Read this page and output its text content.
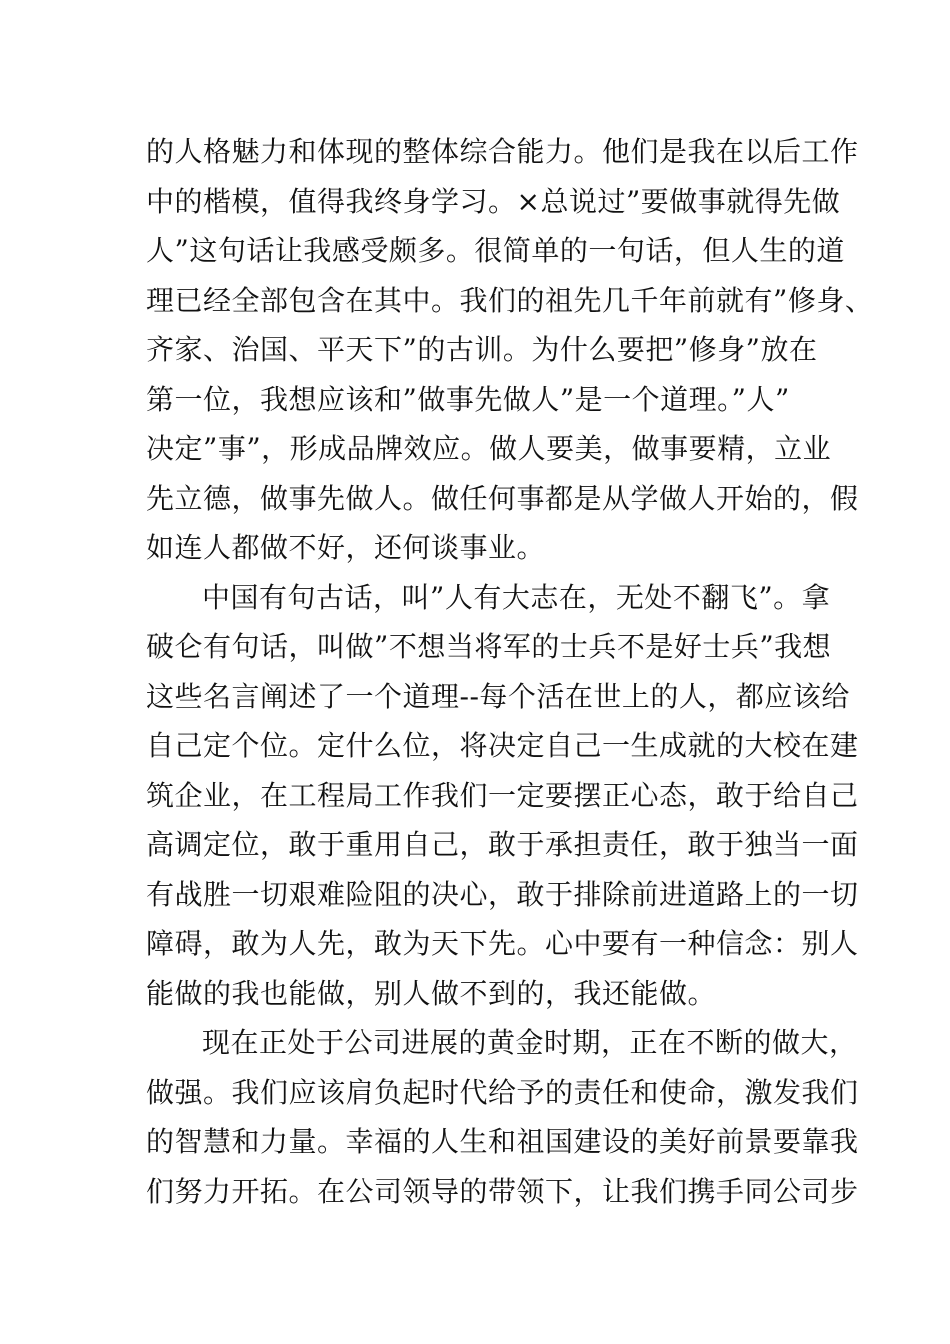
的人格魅力和体现的整体综合能力。他们是我在以后工作
中的楷模，值得我终身学习。×总说过”要做事就得先做
人”这句话让我感受颇多。很简单的一句话，但人生的道
理已经全部包含在其中。我们的祖先几千年前就有”修身、
齐家、治国、平天下”的古训。为什么要把”修身”放在
第一位，我想应该和”做事先做人”是一个道理。”人”
决定”事”，形成品牌效应。做人要美，做事要精，立业
先立德，做事先做人。做任何事都是从学做人开始的，假
如连人都做不好，还何谈事业。
中国有句古话，叫”人有大志在，无处不翻飞”。拿
破仑有句话，叫做”不想当将军的士兵不是好士兵”我想
这些名言阐述了一个道理--每个活在世上的人，都应该给
自己定个位。定什么位，将决定自己一生成就的大校在建
筑企业，在工程局工作我们一定要摆正心态，敢于给自己
高调定位，敢于重用自己，敢于承担责任，敢于独当一面
有战胜一切艰难险阻的决心，敢于排除前进道路上的一切
障碍，敢为人先，敢为天下先。心中要有一种信念：别人
能做的我也能做，别人做不到的，我还能做。
现在正处于公司进展的黄金时期，正在不断的做大，
做强。我们应该肩负起时代给予的责任和使命，激发我们
的智慧和力量。幸福的人生和祖国建设的美好前景要靠我
们努力开拓。在公司领导的带领下，让我们携手同公司步
